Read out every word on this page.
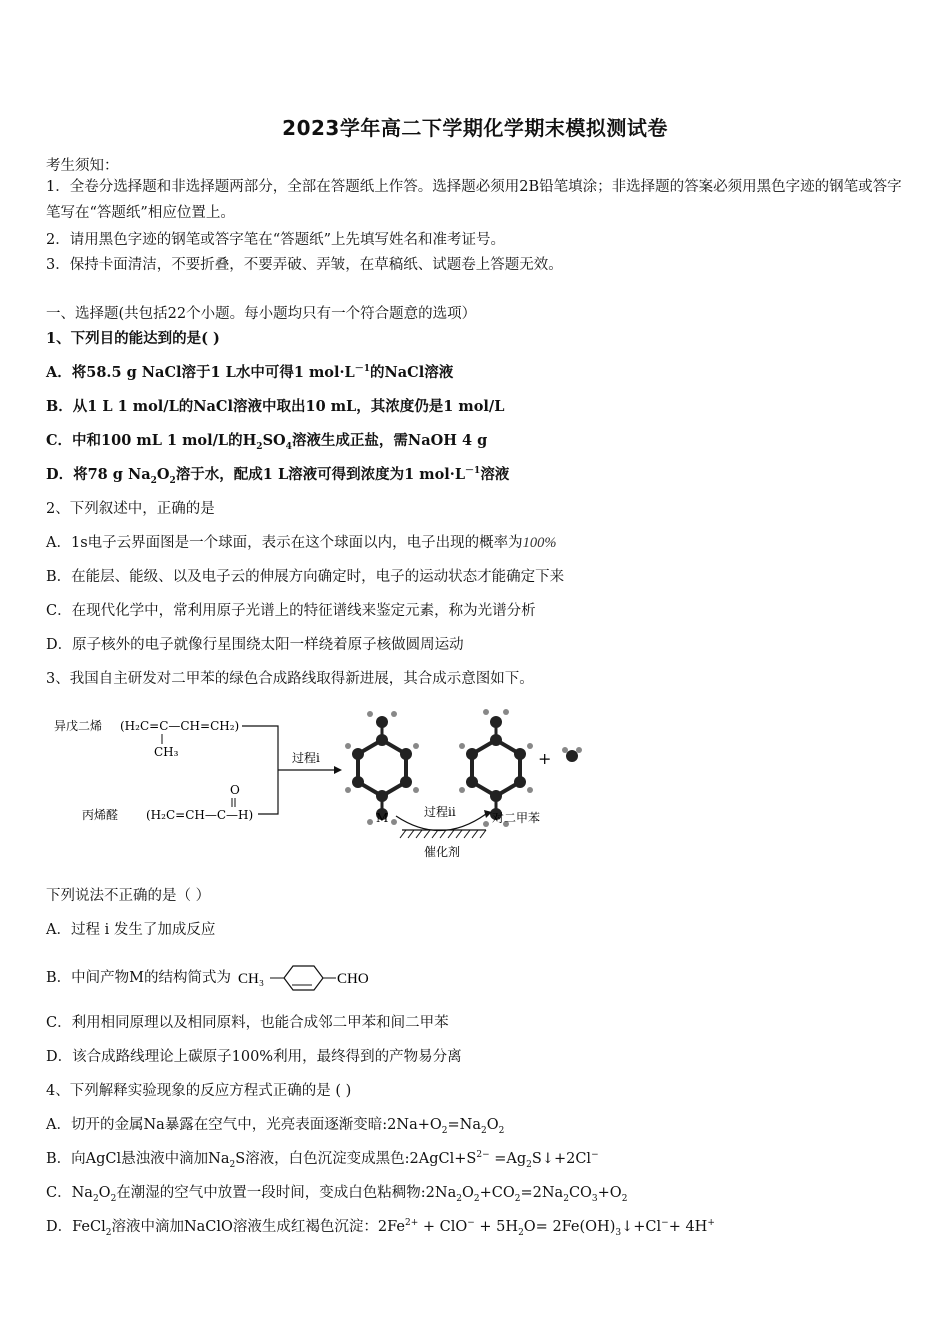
2023学年高二下学期化学期末模拟测试卷
考生须知：
1．全卷分选择题和非选择题两部分，全部在答题纸上作答。选择题必须用2B铅笔填涂；非选择题的答案必须用黑色字迹的钢笔或答字笔写在“答题纸”相应位置上。
2．请用黑色字迹的钢笔或答字笔在“答题纸”上先填写姓名和准考证号。
3．保持卡面清洁，不要折叠，不要弄破、弄皱，在草稿纸、试题卷上答题无效。
一、选择题(共包括22个小题。每小题均只有一个符合题意的选项）
1、下列目的能达到的是( )
A．将58.5 g NaCl溶于1 L水中可得1 $mol\cdot L^{-1}$的NaCl溶液
B．从1 L 1 mol/L的NaCl溶液中取出10 mL，其浓度仍是1 mol/L
C．中和100 mL 1 mol/L的$H_2SO_4$溶液生成正盐，需NaOH 4 g
D．将78 g $Na_2O_2$溶于水，配成1 L溶液可得到浓度为1 $mol\cdot L^{-1}$溶液
2、下列叙述中，正确的是
A．1s电子云界面图是一个球面，表示在这个球面以内，电子出现的概率为100%
B．在能层、能级、以及电子云的伸展方向确定时，电子的运动状态才能确定下来
C．在现代化学中，常利用原子光谱上的特征谱线来鉴定元素，称为光谱分析
D．原子核外的电子就像行星围绕太阳一样绕着原子核做圆周运动
3、我国自主研发对二甲苯的绿色合成路线取得新进展，其合成示意图如下。
异戊二烯 (H₂C=C—CH=CH₂)
CH₃
丙烯醛 (H₂C=CH—C—H)
O
过程i	+
M	过程ii	对二甲苯
催化剂
下列说法不正确的是（ ）
A．过程 i 发生了加成反应
B．中间产物M的结构简式为 CH₃	CHO
C．利用相同原理以及相同原料，也能合成邻二甲苯和间二甲苯
D．该合成路线理论上碳原子100%利用，最终得到的产物易分离
4、下列解释实验现象的反应方程式正确的是 ( )
A．切开的金属Na暴露在空气中，光亮表面逐渐变暗$:2Na+O_2=Na_2O_2$
B．向AgCl悬浊液中滴加$Na_2S$溶液，白色沉淀变成黑色$:2AgCl+S^{2-}$ $=Ag_2S↓+2Cl^-$
C．$Na_2O_2$在潮湿的空气中放置一段时间，变成白色粘稠物$:2Na_2O_2+CO_2=2Na_2CO_3+O_2$
D．FeCl$_2$溶液中滴加NaClO溶液生成红褐色沉淀：$2Fe^{2+} + ClO^- + 5H_2O=$ $2Fe(OH)_3↓+Cl^-+ 4H^+$
